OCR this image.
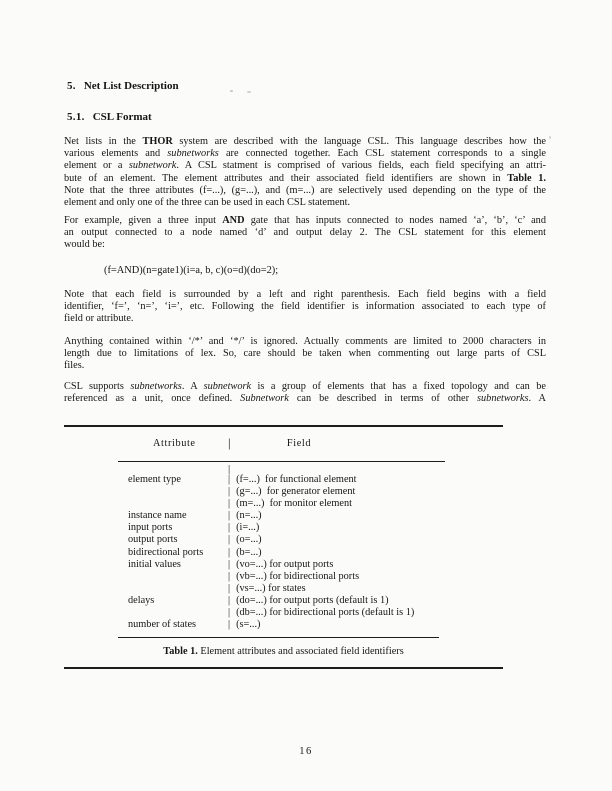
5. Net List Description
5.1. CSL Format
Net lists in the THOR system are described with the language CSL. This language describes how the
various elements and subnetworks are connected together. Each CSL statement corresponds to a single
element or a subnetwork. A CSL statment is comprised of various fields, each field specifying an attri-
bute of an element. The element attributes and their associated field identifiers are shown in Table 1.
Note that the three attributes (f=...), (g=...), and (m=...) are selectively used depending on the type of the
element and only one of the three can be used in each CSL statement.
For example, given a three input AND gate that has inputs connected to nodes named ‘a’, ‘b’, ‘c’ and
an output connected to a node named ‘d’ and output delay 2. The CSL statement for this element
would be:
(f=AND)(n=gate1)(i=a, b, c)(o=d)(do=2);
Note that each field is surrounded by a left and right parenthesis. Each field begins with a field
identifier, ‘f=’, ‘n=’, ‘i=’, etc. Following the field identifier is information associated to each type of
field or attribute.
Anything contained within ‘/*’ and ‘*/’ is ignored. Actually comments are limited to 2000 characters in
length due to limitations of lex. So, care should be taken when commenting out large parts of CSL
files.
CSL supports subnetworks. A subnetwork is a group of elements that has a fixed topology and can be
referenced as a unit, once defined. Subnetwork can be described in terms of other subnetworks. A
Attribute |	Field
|
element type	| (f=...)  for functional element
| (g=...)  for generator element
| (m=...)  for monitor element
instance name	| (n=...)
input ports	| (i=...)
output ports	| (o=...)
bidirectional ports	| (b=...)
initial values	| (vo=...) for output ports
| (vb=...) for bidirectional ports
| (vs=...) for states
delays	| (do=...) for output ports (default is 1)
| (db=...) for bidirectional ports (default is 1)
number of states	| (s=...)
Table 1. Element attributes and associated field identifiers
16
